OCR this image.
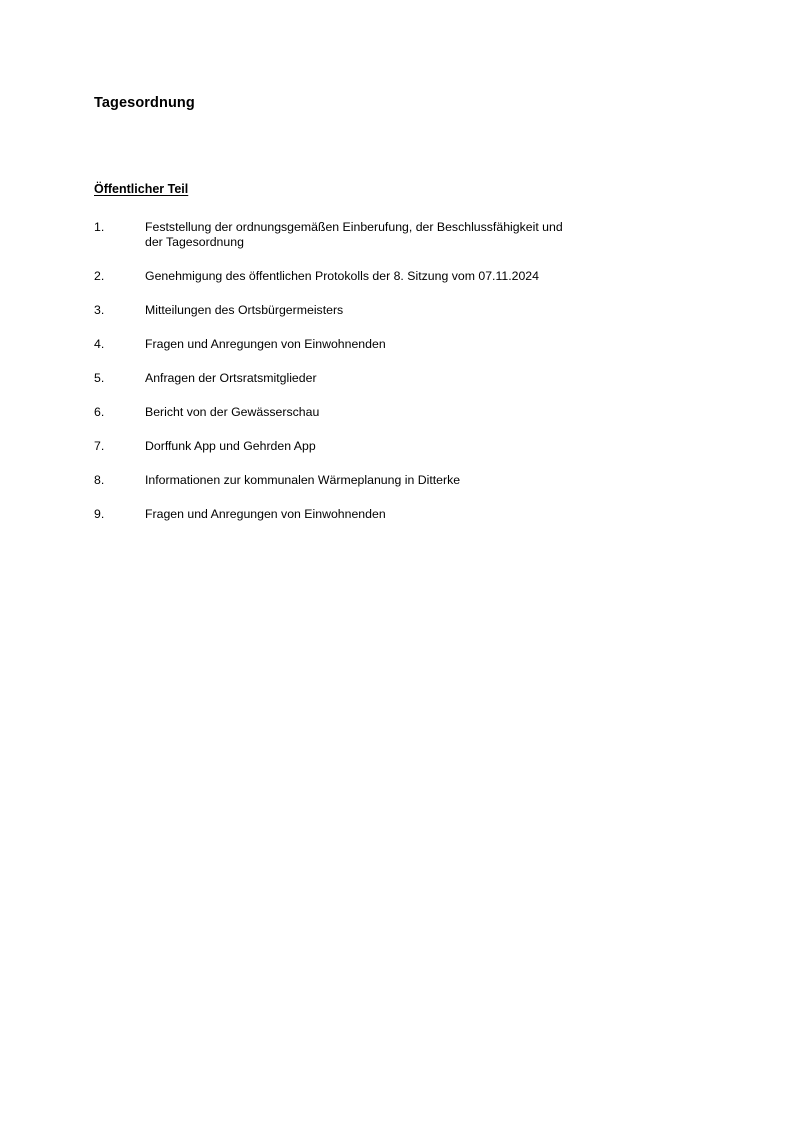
Tagesordnung
Öffentlicher Teil
1.	Feststellung der ordnungsgemäßen Einberufung, der Beschlussfähigkeit und der Tagesordnung
2.	Genehmigung des öffentlichen Protokolls der 8. Sitzung vom 07.11.2024
3.	Mitteilungen des Ortsbürgermeisters
4.	Fragen und Anregungen von Einwohnenden
5.	Anfragen der Ortsratsmitglieder
6.	Bericht von der Gewässerschau
7.	Dorffunk App und Gehrden App
8.	Informationen zur kommunalen Wärmeplanung in Ditterke
9.	Fragen und Anregungen von Einwohnenden
